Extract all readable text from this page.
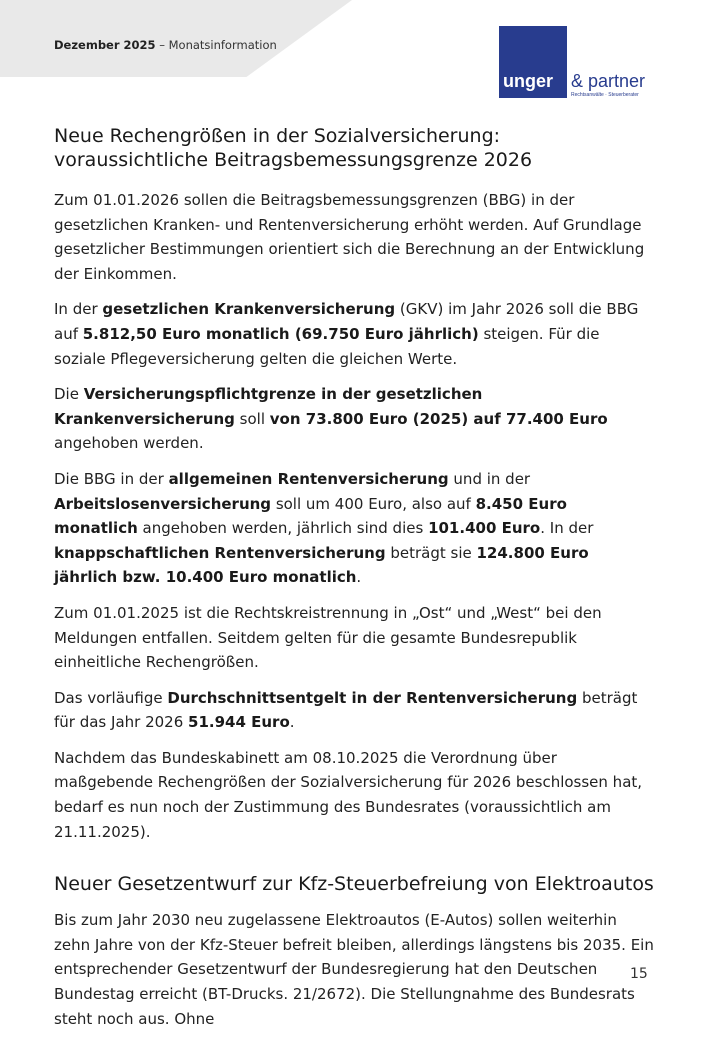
Dezember 2025 – Monatsinformation
unger & partner
Rechtsanwälte · Steuerberater
Neue Rechengrößen in der Sozialversicherung:
voraussichtliche Beitragsbemessungsgrenze 2026

Zum 01.01.2026 sollen die Beitragsbemessungsgrenzen (BBG) in der gesetzlichen Kranken- und Rentenversicherung erhöht werden. Auf Grundlage gesetzlicher Bestimmungen orientiert sich die Berechnung an der Entwicklung der Einkommen.

In der gesetzlichen Krankenversicherung (GKV) im Jahr 2026 soll die BBG auf 5.812,50 Euro monatlich (69.750 Euro jährlich) steigen. Für die soziale Pflegeversicherung gelten die gleichen Werte.

Die Versicherungspflichtgrenze in der gesetzlichen Krankenversicherung soll von 73.800 Euro (2025) auf 77.400 Euro angehoben werden.

Die BBG in der allgemeinen Rentenversicherung und in der Arbeitslosenversicherung soll um 400 Euro, also auf 8.450 Euro monatlich angehoben werden, jährlich sind dies 101.400 Euro. In der knappschaftlichen Rentenversicherung beträgt sie 124.800 Euro jährlich bzw. 10.400 Euro monatlich.

Zum 01.01.2025 ist die Rechtskreistrennung in „Ost“ und „West“ bei den Meldungen entfallen. Seitdem gelten für die gesamte Bundesrepublik einheitliche Rechengrößen.

Das vorläufige Durchschnittsentgelt in der Rentenversicherung beträgt für das Jahr 2026 51.944 Euro.

Nachdem das Bundeskabinett am 08.10.2025 die Verordnung über maßgebende Rechengrößen der Sozialversicherung für 2026 beschlossen hat, bedarf es nun noch der Zustimmung des Bundesrates (voraussichtlich am 21.11.2025).

Neuer Gesetzentwurf zur Kfz-Steuerbefreiung von Elektroautos

Bis zum Jahr 2030 neu zugelassene Elektroautos (E-Autos) sollen weiterhin zehn Jahre von der Kfz-Steuer befreit bleiben, allerdings längstens bis 2035. Ein entsprechender Gesetzentwurf der Bundesregierung hat den Deutschen Bundestag erreicht (BT-Drucks. 21/2672). Die Stellungnahme des Bundesrats steht noch aus. Ohne

15
